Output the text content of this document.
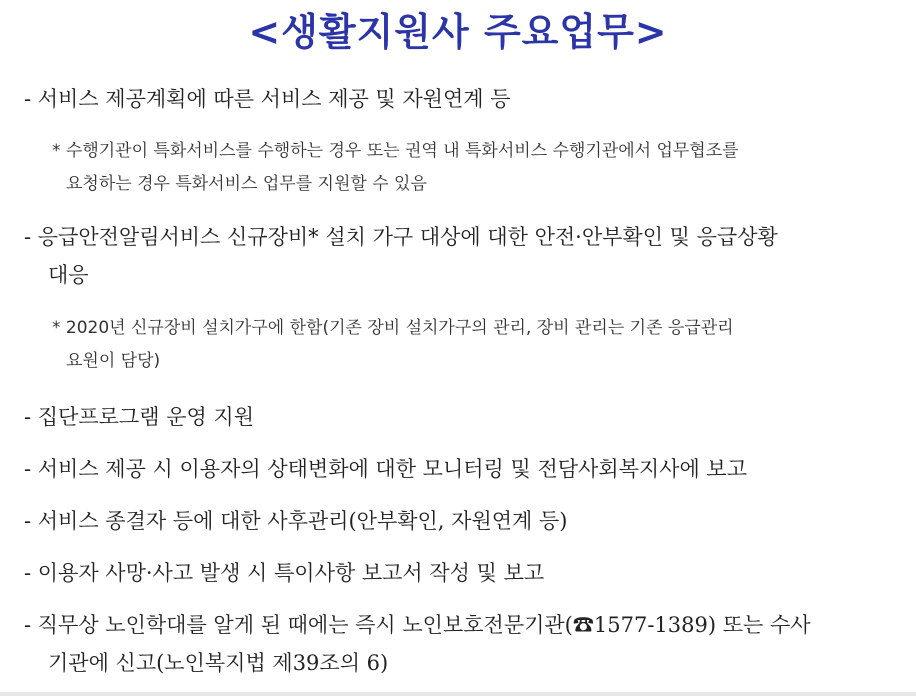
<생활지원사 주요업무>
- 서비스 제공계획에 따른 서비스 제공 및 자원연계 등
* 수행기관이 특화서비스를 수행하는 경우 또는 권역 내 특화서비스 수행기관에서 업무협조를
요청하는 경우 특화서비스 업무를 지원할 수 있음
- 응급안전알림서비스 신규장비* 설치 가구 대상에 대한 안전·안부확인 및 응급상황
대응
* 2020년 신규장비 설치가구에 한함(기존 장비 설치가구의 관리, 장비 관리는 기존 응급관리
요원이 담당)
- 집단프로그램 운영 지원
- 서비스 제공 시 이용자의 상태변화에 대한 모니터링 및 전담사회복지사에 보고
- 서비스 종결자 등에 대한 사후관리(안부확인, 자원연계 등)
- 이용자 사망·사고 발생 시 특이사항 보고서 작성 및 보고
- 직무상 노인학대를 알게 된 때에는 즉시 노인보호전문기관(☎1577-1389) 또는 수사
기관에 신고(노인복지법 제39조의 6)
